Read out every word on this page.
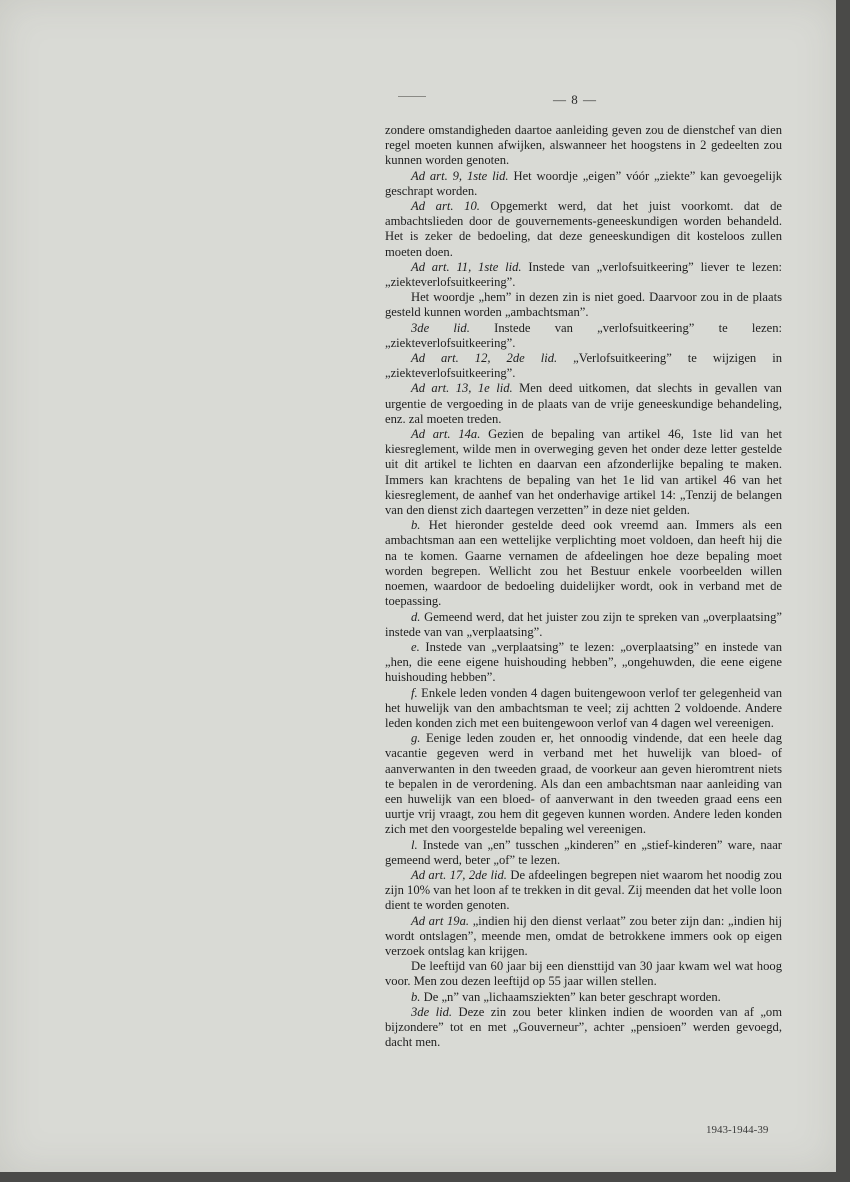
— 8 —

zondere omstandigheden daartoe aanleiding geven zou de dienstchef van dien regel moeten kunnen afwijken, alswanneer het hoogstens in 2 gedeelten zou kunnen worden genoten.

Ad art. 9, 1ste lid. Het woordje „eigen” vóór „ziekte” kan gevoegelijk geschrapt worden.

Ad art. 10. Opgemerkt werd, dat het juist voorkomt. dat de ambachtslieden door de gouvernements-geneeskundigen worden behandeld. Het is zeker de bedoeling, dat deze geneeskundigen dit kosteloos zullen moeten doen.

Ad art. 11, 1ste lid. Instede van „verlofsuitkeering” liever te lezen: „ziekteverlofsuitkeering”.

Het woordje „hem” in dezen zin is niet goed. Daarvoor zou in de plaats gesteld kunnen worden „ambachtsman”.

3de lid. Instede van „verlofsuitkeering” te lezen: „ziekteverlofsuitkeering”.

Ad art. 12, 2de lid. „Verlofsuitkeering” te wijzigen in „ziekteverlofsuitkeering”.

Ad art. 13, 1e lid. Men deed uitkomen, dat slechts in gevallen van urgentie de vergoeding in de plaats van de vrije geneeskundige behandeling, enz. zal moeten treden.

Ad art. 14a. Gezien de bepaling van artikel 46, 1ste lid van het kiesreglement, wilde men in overweging geven het onder deze letter gestelde uit dit artikel te lichten en daarvan een afzonderlijke bepaling te maken. Immers kan krachtens de bepaling van het 1e lid van artikel 46 van het kiesreglement, de aanhef van het onderhavige artikel 14: „Tenzij de belangen van den dienst zich daartegen verzetten” in deze niet gelden.

b. Het hieronder gestelde deed ook vreemd aan. Immers als een ambachtsman aan een wettelijke verplichting moet voldoen, dan heeft hij die na te komen. Gaarne vernamen de afdeelingen hoe deze bepaling moet worden begrepen. Wellicht zou het Bestuur enkele voorbeelden willen noemen, waardoor de bedoeling duidelijker wordt, ook in verband met de toepassing.

d. Gemeend werd, dat het juister zou zijn te spreken van „overplaatsing” instede van van „verplaatsing”.

e. Instede van „verplaatsing” te lezen: „overplaatsing” en instede van „hen, die eene eigene huishouding hebben”, „ongehuwden, die eene eigene huishouding hebben”.

f. Enkele leden vonden 4 dagen buitengewoon verlof ter gelegenheid van het huwelijk van den ambachtsman te veel; zij achtten 2 voldoende. Andere leden konden zich met een buitengewoon verlof van 4 dagen wel vereenigen.

g. Eenige leden zouden er, het onnoodig vindende, dat een heele dag vacantie gegeven werd in verband met het huwelijk van bloed- of aanverwanten in den tweeden graad, de voorkeur aan geven hieromtrent niets te bepalen in de verordening. Als dan een ambachtsman naar aanleiding van een huwelijk van een bloed- of aanverwant in den tweeden graad eens een uurtje vrij vraagt, zou hem dit gegeven kunnen worden. Andere leden konden zich met den voorgestelde bepaling wel vereenigen.

l. Instede van „en” tusschen „kinderen” en „stief-kinderen” ware, naar gemeend werd, beter „of” te lezen.

Ad art. 17, 2de lid. De afdeelingen begrepen niet waarom het noodig zou zijn 10% van het loon af te trekken in dit geval. Zij meenden dat het volle loon dient te worden genoten.

Ad art 19a. „indien hij den dienst verlaat” zou beter zijn dan: „indien hij wordt ontslagen”, meende men, omdat de betrokkene immers ook op eigen verzoek ontslag kan krijgen.

De leeftijd van 60 jaar bij een diensttijd van 30 jaar kwam wel wat hoog voor. Men zou dezen leeftijd op 55 jaar willen stellen.

b. De „n” van „lichaamsziekten” kan beter geschrapt worden.

3de lid. Deze zin zou beter klinken indien de woorden van af „om bijzondere” tot en met „Gouverneur”, achter „pensioen” werden gevoegd, dacht men.

1943-1944-39
